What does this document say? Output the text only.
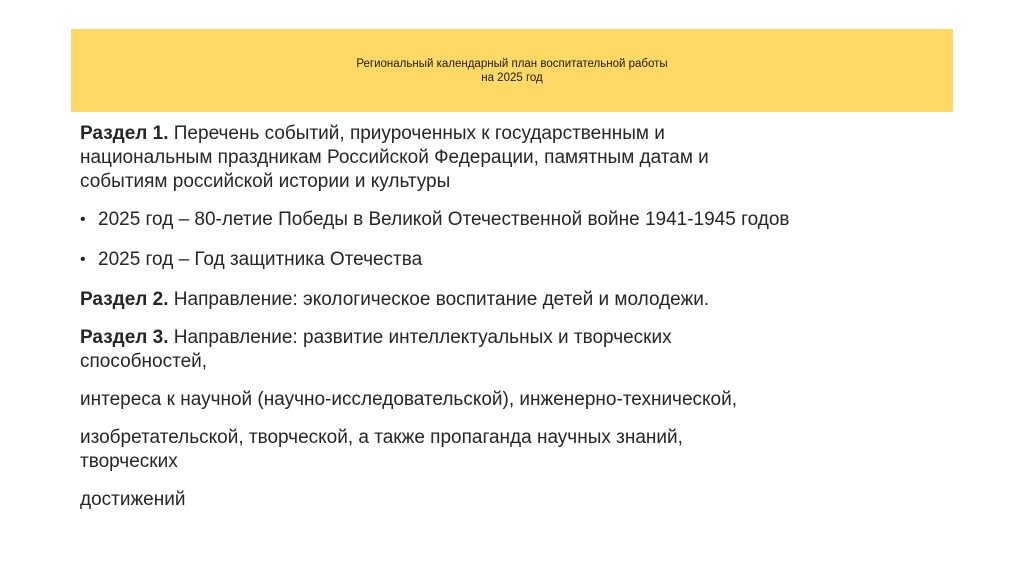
Региональный календарный план воспитательной работы
на 2025 год
Раздел 1. Перечень событий, приуроченных к государственным и
национальным праздникам Российской Федерации, памятным датам и
событиям российской истории и культуры
• 2025 год – 80-летие Победы в Великой Отечественной войне 1941-1945 годов
• 2025 год – Год защитника Отечества
Раздел 2. Направление: экологическое воспитание детей и молодежи.
Раздел 3. Направление: развитие интеллектуальных и творческих
способностей,
интереса к научной (научно-исследовательской), инженерно-технической,
изобретательской, творческой, а также пропаганда научных знаний,
творческих
достижений
